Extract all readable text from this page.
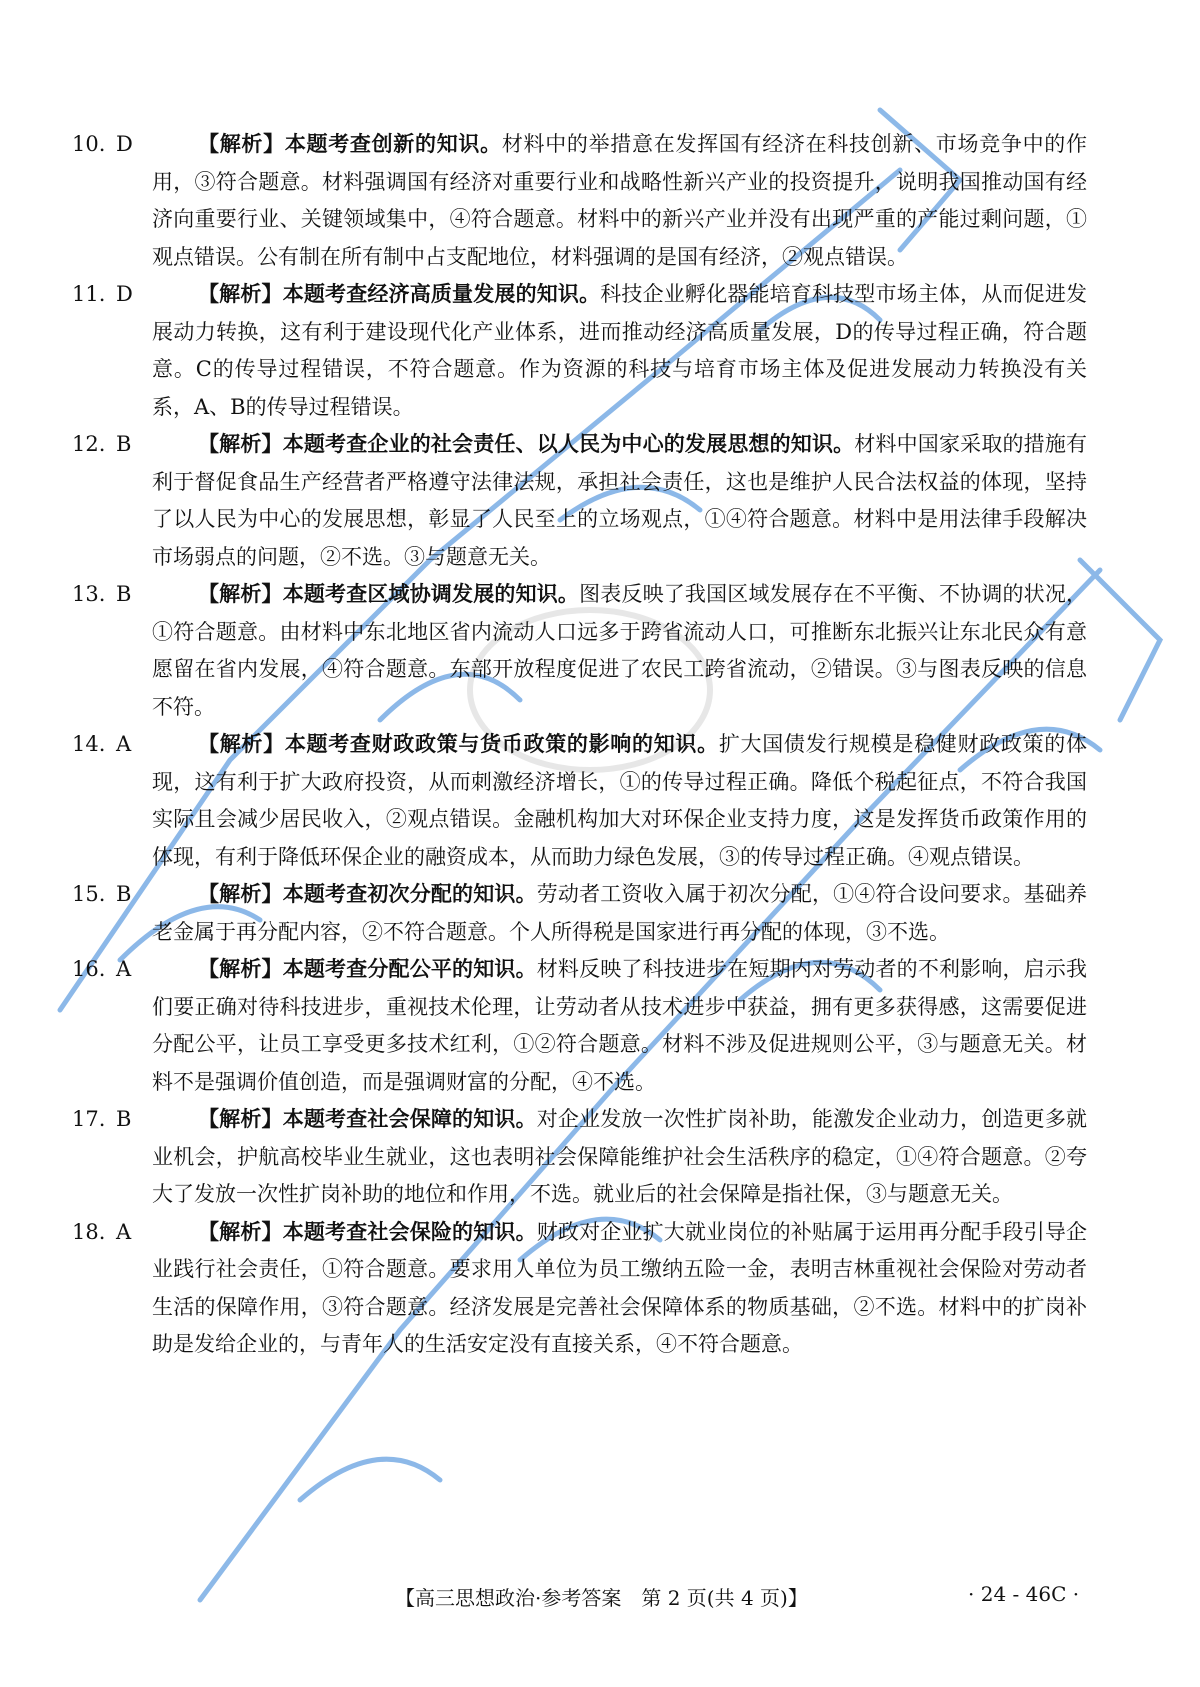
10. D	【解析】本题考查创新的知识。材料中的举措意在发挥国有经济在科技创新、市场竞争中的作用，③符合题意。材料强调国有经济对重要行业和战略性新兴产业的投资提升，说明我国推动国有经济向重要行业、关键领域集中，④符合题意。材料中的新兴产业并没有出现严重的产能过剩问题，①观点错误。公有制在所有制中占支配地位，材料强调的是国有经济，②观点错误。
11. D	【解析】本题考查经济高质量发展的知识。科技企业孵化器能培育科技型市场主体，从而促进发展动力转换，这有利于建设现代化产业体系，进而推动经济高质量发展，D的传导过程正确，符合题意。C的传导过程错误，不符合题意。作为资源的科技与培育市场主体及促进发展动力转换没有关系，A、B的传导过程错误。
12. B	【解析】本题考查企业的社会责任、以人民为中心的发展思想的知识。材料中国家采取的措施有利于督促食品生产经营者严格遵守法律法规，承担社会责任，这也是维护人民合法权益的体现，坚持了以人民为中心的发展思想，彰显了人民至上的立场观点，①④符合题意。材料中是用法律手段解决市场弱点的问题，②不选。③与题意无关。
13. B	【解析】本题考查区域协调发展的知识。图表反映了我国区域发展存在不平衡、不协调的状况，①符合题意。由材料中东北地区省内流动人口远多于跨省流动人口，可推断东北振兴让东北民众有意愿留在省内发展，④符合题意。东部开放程度促进了农民工跨省流动，②错误。③与图表反映的信息不符。
14. A	【解析】本题考查财政政策与货币政策的影响的知识。扩大国债发行规模是稳健财政政策的体现，这有利于扩大政府投资，从而刺激经济增长，①的传导过程正确。降低个税起征点，不符合我国实际且会减少居民收入，②观点错误。金融机构加大对环保企业支持力度，这是发挥货币政策作用的体现，有利于降低环保企业的融资成本，从而助力绿色发展，③的传导过程正确。④观点错误。
15. B	【解析】本题考查初次分配的知识。劳动者工资收入属于初次分配，①④符合设问要求。基础养老金属于再分配内容，②不符合题意。个人所得税是国家进行再分配的体现，③不选。
16. A	【解析】本题考查分配公平的知识。材料反映了科技进步在短期内对劳动者的不利影响，启示我们要正确对待科技进步，重视技术伦理，让劳动者从技术进步中获益，拥有更多获得感，这需要促进分配公平，让员工享受更多技术红利，①②符合题意。材料不涉及促进规则公平，③与题意无关。材料不是强调价值创造，而是强调财富的分配，④不选。
17. B	【解析】本题考查社会保障的知识。对企业发放一次性扩岗补助，能激发企业动力，创造更多就业机会，护航高校毕业生就业，这也表明社会保障能维护社会生活秩序的稳定，①④符合题意。②夸大了发放一次性扩岗补助的地位和作用，不选。就业后的社会保障是指社保，③与题意无关。
18. A	【解析】本题考查社会保险的知识。财政对企业扩大就业岗位的补贴属于运用再分配手段引导企业践行社会责任，①符合题意。要求用人单位为员工缴纳五险一金，表明吉林重视社会保险对劳动者生活的保障作用，③符合题意。经济发展是完善社会保障体系的物质基础，②不选。材料中的扩岗补助是发给企业的，与青年人的生活安定没有直接关系，④不符合题意。
【高三思想政治·参考答案　第 2 页(共 4 页)】	· 24 - 46C ·
